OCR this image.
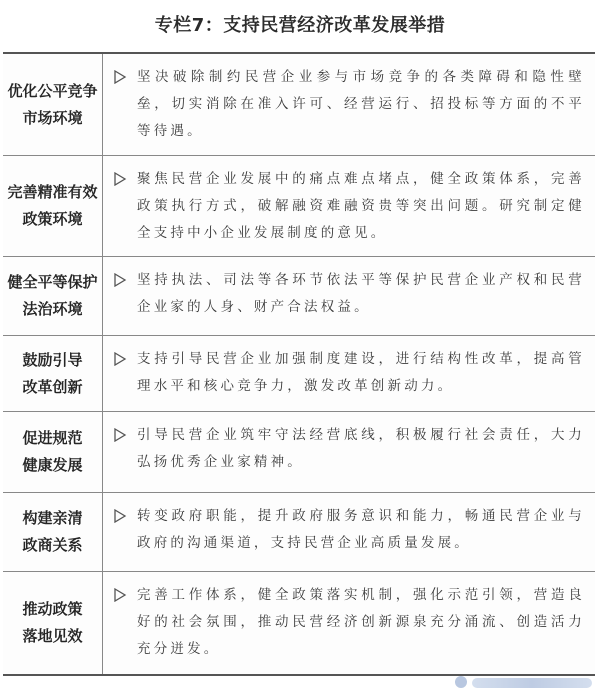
专栏7：支持民营经济改革发展举措
优化公平竞争
市场环境
坚决破除制约民营企业参与市场竞争的各类障碍和隐性壁垒，切实消除在准入许可、经营运行、招投标等方面的不平等待遇。
完善精准有效
政策环境
聚焦民营企业发展中的痛点难点堵点，健全政策体系，完善政策执行方式，破解融资难融资贵等突出问题。研究制定健全支持中小企业发展制度的意见。
健全平等保护
法治环境
坚持执法、司法等各环节依法平等保护民营企业产权和民营企业家的人身、财产合法权益。
鼓励引导
改革创新
支持引导民营企业加强制度建设，进行结构性改革，提高管理水平和核心竞争力，激发改革创新动力。
促进规范
健康发展
引导民营企业筑牢守法经营底线，积极履行社会责任，大力弘扬优秀企业家精神。
构建亲清
政商关系
转变政府职能，提升政府服务意识和能力，畅通民营企业与政府的沟通渠道，支持民营企业高质量发展。
推动政策
落地见效
完善工作体系，健全政策落实机制，强化示范引领，营造良好的社会氛围，推动民营经济创新源泉充分涌流、创造活力充分迸发。
